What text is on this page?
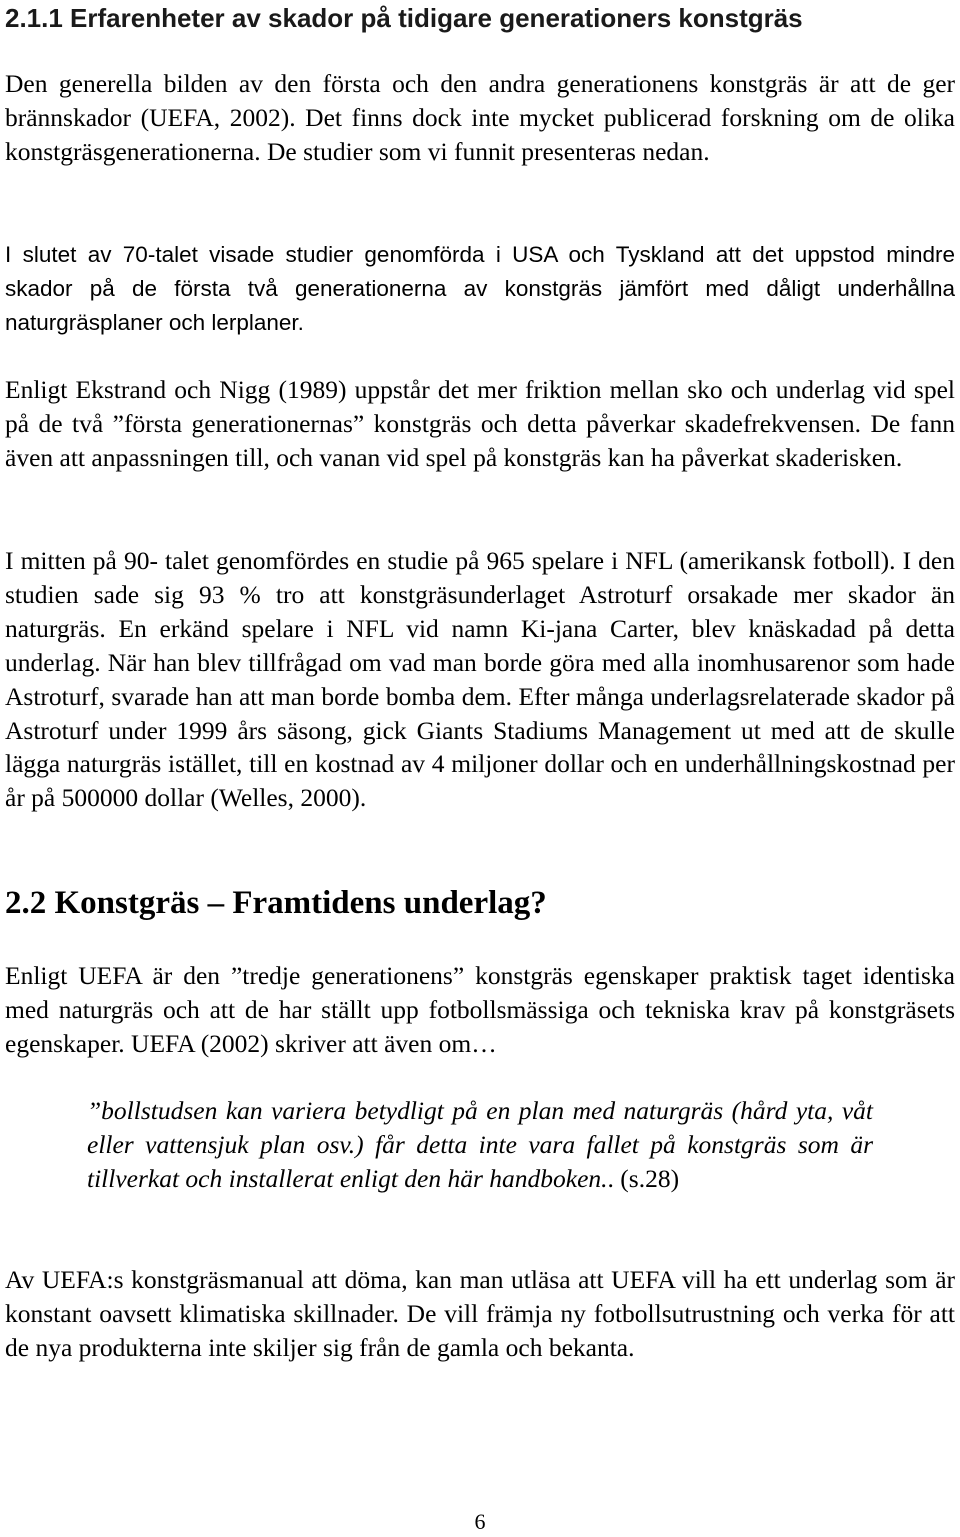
2.1.1 Erfarenheter av skador på tidigare generationers konstgräs

Den generella bilden av den första och den andra generationens konstgräs är att de ger brännskador (UEFA, 2002). Det finns dock inte mycket publicerad forskning om de olika konstgräsgenerationerna. De studier som vi funnit presenteras nedan.

I slutet av 70-talet visade studier genomförda i USA och Tyskland att det uppstod mindre skador på de första två generationerna av konstgräs jämfört med dåligt underhållna naturgräsplaner och lerplaner.

Enligt Ekstrand och Nigg (1989) uppstår det mer friktion mellan sko och underlag vid spel på de två ”första generationernas” konstgräs och detta påverkar skadefrekvensen. De fann även att anpassningen till, och vanan vid spel på konstgräs kan ha påverkat skaderisken.

I mitten på 90- talet genomfördes en studie på 965 spelare i NFL (amerikansk fotboll). I den studien sade sig 93 % tro att konstgräsunderlaget Astroturf orsakade mer skador än naturgräs. En erkänd spelare i NFL vid namn Ki-jana Carter, blev knäskadad på detta underlag. När han blev tillfrågad om vad man borde göra med alla inomhusarenor som hade Astroturf, svarade han att man borde bomba dem. Efter många underlagsrelaterade skador på Astroturf under 1999 års säsong, gick Giants Stadiums Management ut med att de skulle lägga naturgräs istället, till en kostnad av 4 miljoner dollar och en underhållningskostnad per år på 500000 dollar (Welles, 2000).

2.2 Konstgräs – Framtidens underlag?

Enligt UEFA är den ”tredje generationens” konstgräs egenskaper praktisk taget identiska med naturgräs och att de har ställt upp fotbollsmässiga och tekniska krav på konstgräsets egenskaper. UEFA (2002) skriver att även om…

”bollstudsen kan variera betydligt på en plan med naturgräs (hård yta, våt eller vattensjuk plan osv.) får detta inte vara fallet på konstgräs som är tillverkat och installerat enligt den här handboken.. (s.28)

Av UEFA:s konstgräsmanual att döma, kan man utläsa att UEFA vill ha ett underlag som är konstant oavsett klimatiska skillnader. De vill främja ny fotbollsutrustning och verka för att de nya produkterna inte skiljer sig från de gamla och bekanta.

6
